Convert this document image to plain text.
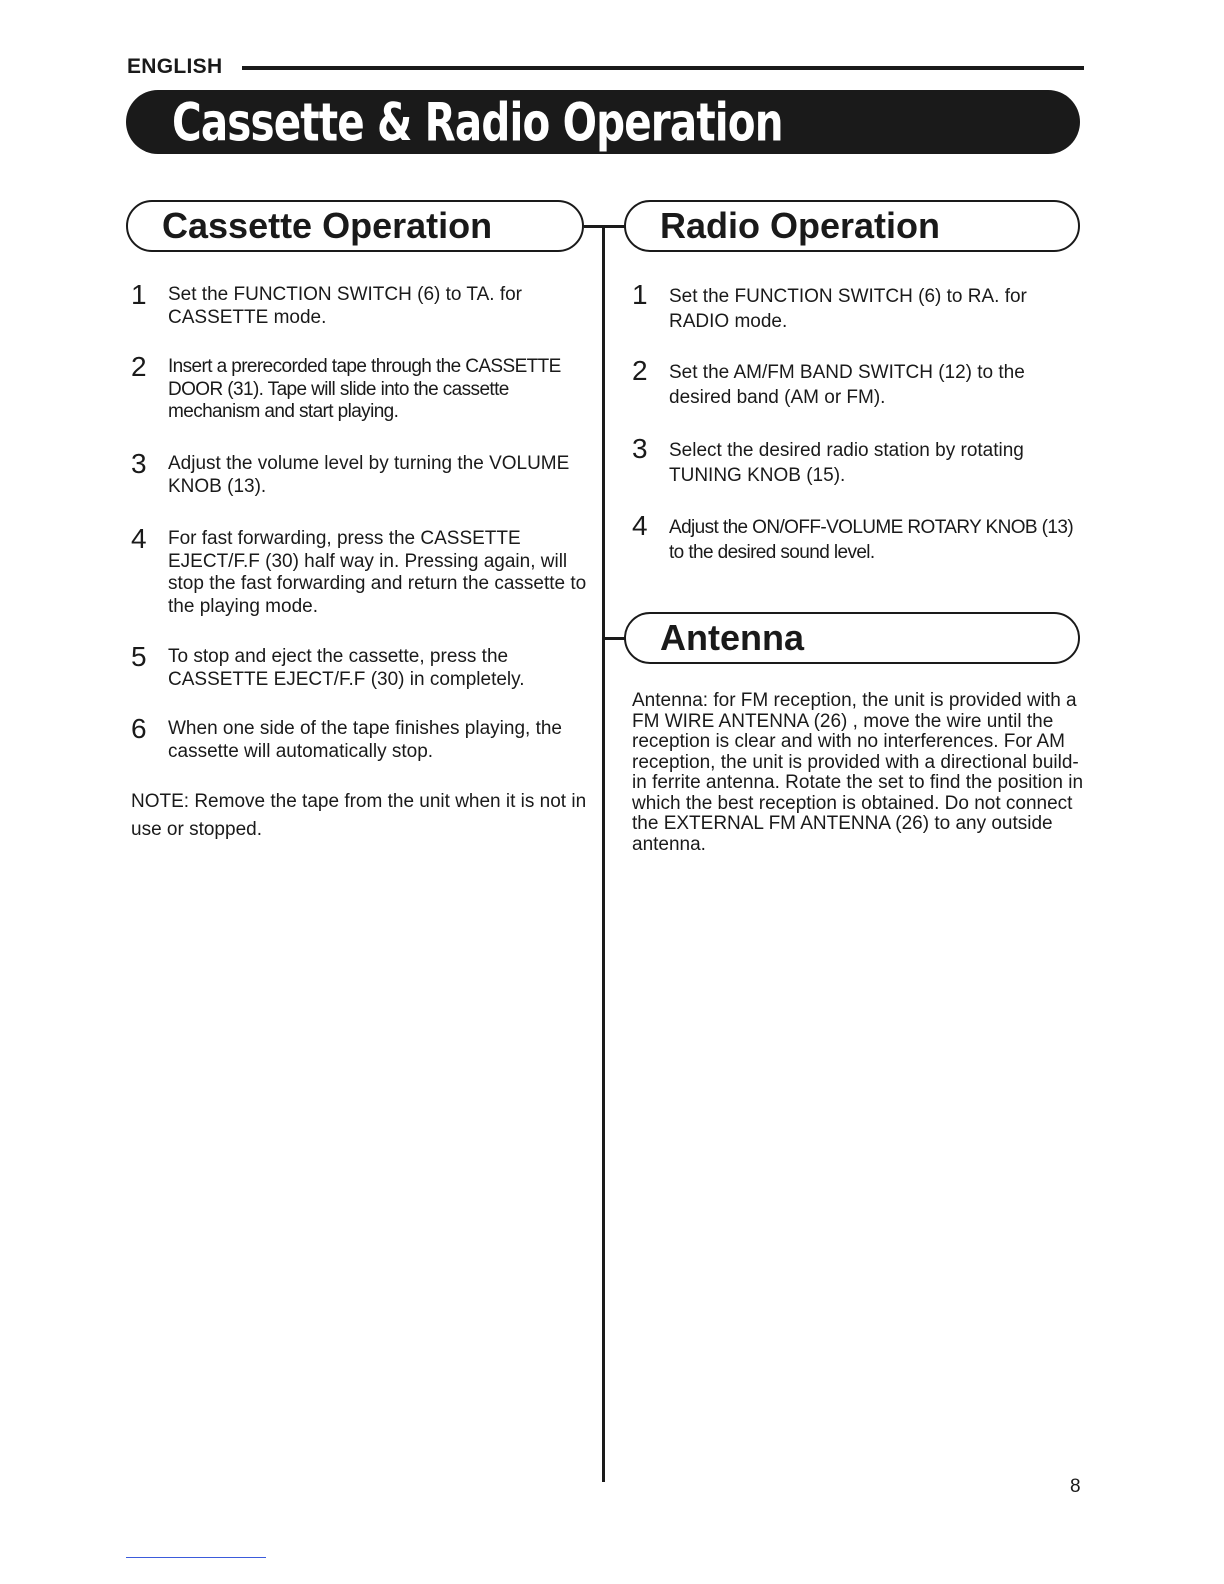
ENGLISH
Cassette & Radio Operation
Cassette Operation	Radio Operation
Antenna
1 Set the FUNCTION SWITCH (6) to TA. for CASSETTE mode.
2 Insert a prerecorded tape through the CASSETTE DOOR (31). Tape will slide into the cassette mechanism and start playing.
3 Adjust the volume level by turning the VOLUME KNOB (13).
4 For fast forwarding, press the CASSETTE EJECT/F.F (30) half way in. Pressing again, will stop the fast forwarding and return the cassette to the playing mode.
5 To stop and eject the cassette, press the CASSETTE EJECT/F.F (30) in completely.
6 When one side of the tape finishes playing, the cassette will automatically stop.
NOTE: Remove the tape from the unit when it is not in use or stopped.
1 Set the FUNCTION SWITCH (6) to RA. for RADIO mode.
2 Set the AM/FM BAND SWITCH (12) to the desired band (AM or FM).
3 Select the desired radio station by rotating TUNING KNOB (15).
4 Adjust the ON/OFF-VOLUME ROTARY KNOB (13) to the desired sound level.
Antenna: for FM reception, the unit is provided with a FM WIRE ANTENNA (26) , move the wire until the reception is clear and with no interferences. For AM reception, the unit is provided with a directional build-in ferrite antenna. Rotate the set to find the position in which the best reception is obtained. Do not connect the EXTERNAL FM ANTENNA (26) to any outside antenna.
8
